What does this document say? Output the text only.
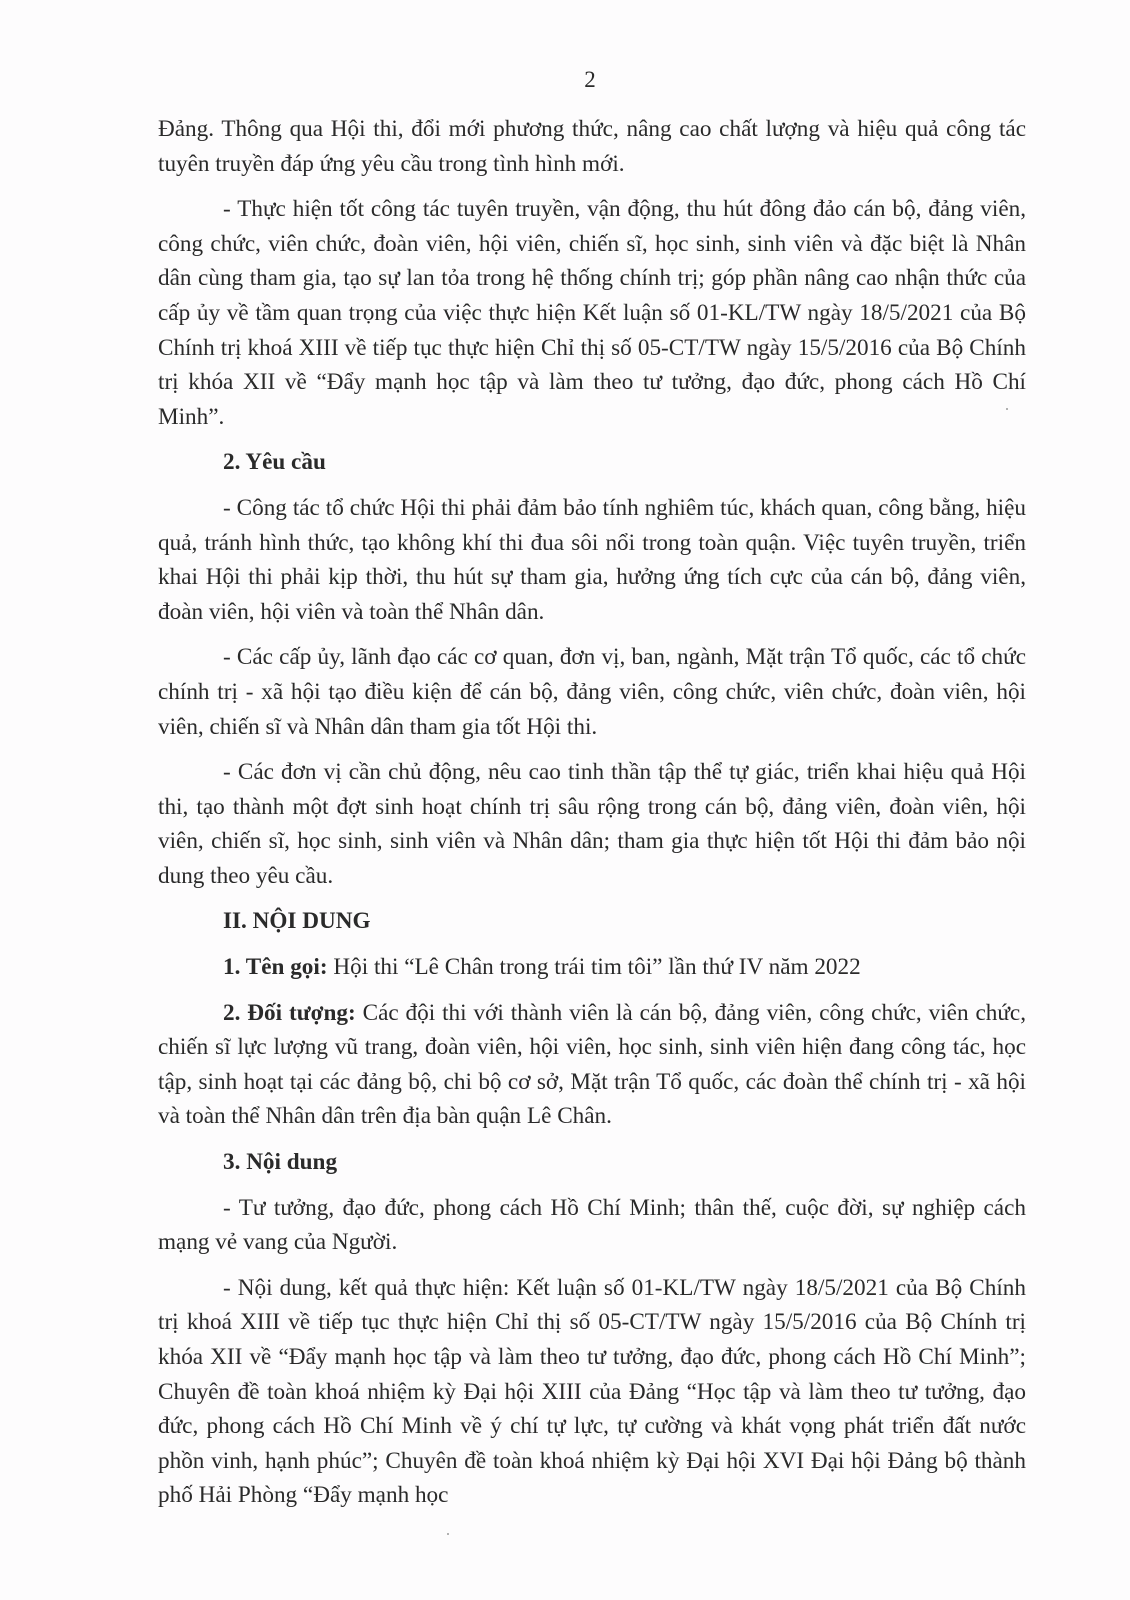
2

Đảng. Thông qua Hội thi, đổi mới phương thức, nâng cao chất lượng và hiệu quả công tác tuyên truyền đáp ứng yêu cầu trong tình hình mới.

- Thực hiện tốt công tác tuyên truyền, vận động, thu hút đông đảo cán bộ, đảng viên, công chức, viên chức, đoàn viên, hội viên, chiến sĩ, học sinh, sinh viên và đặc biệt là Nhân dân cùng tham gia, tạo sự lan tỏa trong hệ thống chính trị; góp phần nâng cao nhận thức của cấp ủy về tầm quan trọng của việc thực hiện Kết luận số 01-KL/TW ngày 18/5/2021 của Bộ Chính trị khoá XIII về tiếp tục thực hiện Chỉ thị số 05-CT/TW ngày 15/5/2016 của Bộ Chính trị khóa XII về “Đẩy mạnh học tập và làm theo tư tưởng, đạo đức, phong cách Hồ Chí Minh”.

2. Yêu cầu

- Công tác tổ chức Hội thi phải đảm bảo tính nghiêm túc, khách quan, công bằng, hiệu quả, tránh hình thức, tạo không khí thi đua sôi nổi trong toàn quận. Việc tuyên truyền, triển khai Hội thi phải kịp thời, thu hút sự tham gia, hưởng ứng tích cực của cán bộ, đảng viên, đoàn viên, hội viên và toàn thể Nhân dân.

- Các cấp ủy, lãnh đạo các cơ quan, đơn vị, ban, ngành, Mặt trận Tổ quốc, các tổ chức chính trị - xã hội tạo điều kiện để cán bộ, đảng viên, công chức, viên chức, đoàn viên, hội viên, chiến sĩ và Nhân dân tham gia tốt Hội thi.

- Các đơn vị cần chủ động, nêu cao tinh thần tập thể tự giác, triển khai hiệu quả Hội thi, tạo thành một đợt sinh hoạt chính trị sâu rộng trong cán bộ, đảng viên, đoàn viên, hội viên, chiến sĩ, học sinh, sinh viên và Nhân dân; tham gia thực hiện tốt Hội thi đảm bảo nội dung theo yêu cầu.

II. NỘI DUNG

1. Tên gọi: Hội thi “Lê Chân trong trái tim tôi” lần thứ IV năm 2022

2. Đối tượng: Các đội thi với thành viên là cán bộ, đảng viên, công chức, viên chức, chiến sĩ lực lượng vũ trang, đoàn viên, hội viên, học sinh, sinh viên hiện đang công tác, học tập, sinh hoạt tại các đảng bộ, chi bộ cơ sở, Mặt trận Tổ quốc, các đoàn thể chính trị - xã hội và toàn thể Nhân dân trên địa bàn quận Lê Chân.

3. Nội dung

- Tư tưởng, đạo đức, phong cách Hồ Chí Minh; thân thế, cuộc đời, sự nghiệp cách mạng vẻ vang của Người.

- Nội dung, kết quả thực hiện: Kết luận số 01-KL/TW ngày 18/5/2021 của Bộ Chính trị khoá XIII về tiếp tục thực hiện Chỉ thị số 05-CT/TW ngày 15/5/2016 của Bộ Chính trị khóa XII về “Đẩy mạnh học tập và làm theo tư tưởng, đạo đức, phong cách Hồ Chí Minh”; Chuyên đề toàn khoá nhiệm kỳ Đại hội XIII của Đảng “Học tập và làm theo tư tưởng, đạo đức, phong cách Hồ Chí Minh về ý chí tự lực, tự cường và khát vọng phát triển đất nước phồn vinh, hạnh phúc”; Chuyên đề toàn khoá nhiệm kỳ Đại hội XVI Đại hội Đảng bộ thành phố Hải Phòng “Đẩy mạnh học
